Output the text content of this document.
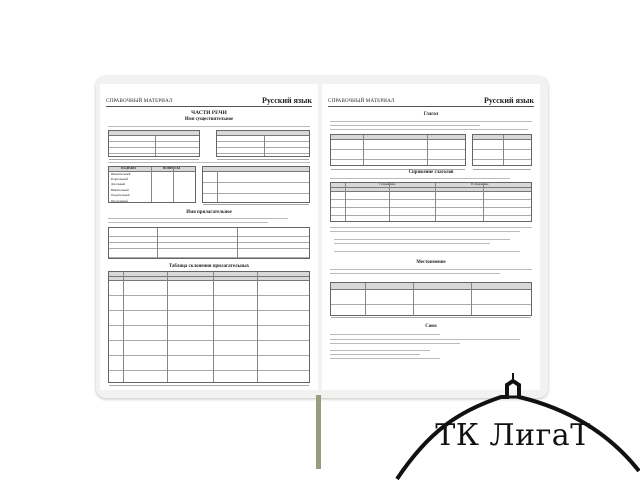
СПРАВОЧНЫЙ МАТЕРИАЛ	Русский язык
ЧАСТИ РЕЧИ
Имя существительное
ПАДЕЖИ	ВОПРОСЫ
Именительный
Родительный
Дательный
Винительный
Творительный
Предложный
Имя прилагательное
Таблица склонения прилагательных
СПРАВОЧНЫЙ МАТЕРИАЛ	Русский язык
Глагол
Спряжение глаголов
I спряжение	II спряжение
Местоимение
Союз
ТК ЛигаТ
